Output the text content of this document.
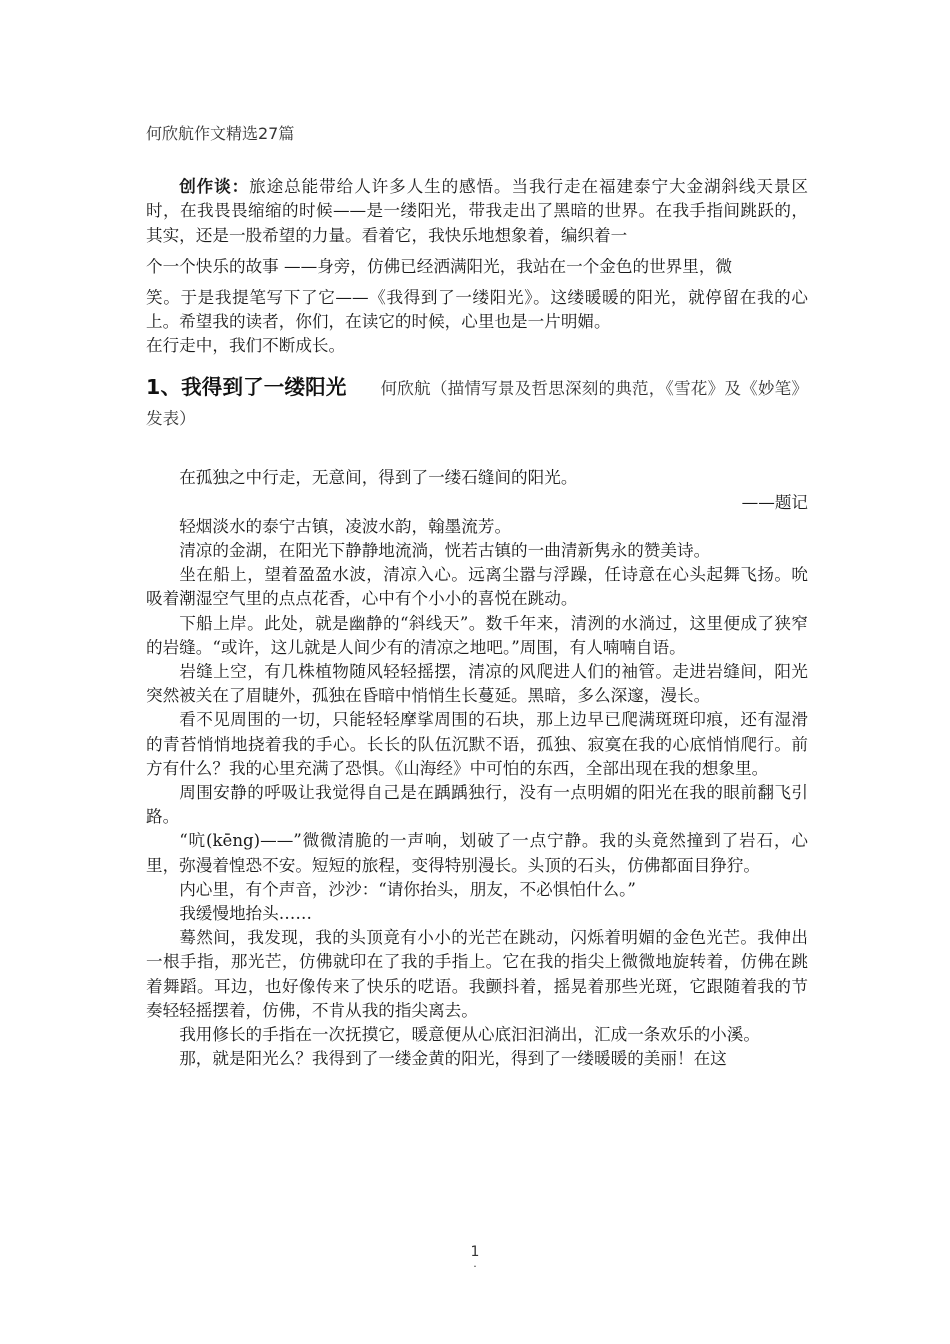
何欣航作文精选27篇

创作谈：旅途总能带给人许多人生的感悟。当我行走在福建泰宁大金湖斜线天景区时，在我畏畏缩缩的时候——是一缕阳光，带我走出了黑暗的世界。在我手指间跳跃的，其实，还是一股希望的力量。看着它，我快乐地想象着，编织着一

个一个快乐的故事 ——身旁，仿佛已经洒满阳光，我站在一个金色的世界里，微

笑。于是我提笔写下了它——《我得到了一缕阳光》。这缕暖暖的阳光，就停留在我的心上。希望我的读者，你们，在读它的时候，心里也是一片明媚。

在行走中，我们不断成长。

1、我得到了一缕阳光 何欣航（描情写景及哲思深刻的典范，《雪花》及《妙笔》发表）

在孤独之中行走，无意间，得到了一缕石缝间的阳光。

——题记

轻烟淡水的泰宁古镇，凌波水韵，翰墨流芳。

清凉的金湖，在阳光下静静地流淌，恍若古镇的一曲清新隽永的赞美诗。

坐在船上，望着盈盈水波，清凉入心。远离尘嚣与浮躁，任诗意在心头起舞飞扬。吮吸着潮湿空气里的点点花香，心中有个小小的喜悦在跳动。

下船上岸。此处，就是幽静的“斜线天”。数千年来，清洌的水淌过，这里便成了狭窄的岩缝。“或许，这儿就是人间少有的清凉之地吧。”周围，有人喃喃自语。

岩缝上空，有几株植物随风轻轻摇摆，清凉的风爬进人们的袖管。走进岩缝间，阳光突然被关在了眉睫外，孤独在昏暗中悄悄生长蔓延。黑暗，多么深邃，漫长。

看不见周围的一切，只能轻轻摩挲周围的石块，那上边早已爬满斑斑印痕，还有湿滑的青苔悄悄地挠着我的手心。长长的队伍沉默不语，孤独、寂寞在我的心底悄悄爬行。前方有什么？我的心里充满了恐惧。《山海经》中可怕的东西，全部出现在我的想象里。

周围安静的呼吸让我觉得自己是在踽踽独行，没有一点明媚的阳光在我的眼前翻飞引路。

“吭(kēng)——”微微清脆的一声响，划破了一点宁静。我的头竟然撞到了岩石，心里，弥漫着惶恐不安。短短的旅程，变得特别漫长。头顶的石头，仿佛都面目狰狞。

内心里，有个声音，沙沙：“请你抬头，朋友，不必惧怕什么。”

我缓慢地抬头……

蓦然间，我发现，我的头顶竟有小小的光芒在跳动，闪烁着明媚的金色光芒。我伸出一根手指，那光芒，仿佛就印在了我的手指上。它在我的指尖上微微地旋转着，仿佛在跳着舞蹈。耳边，也好像传来了快乐的呓语。我颤抖着，摇晃着那些光斑，它跟随着我的节奏轻轻摇摆着，仿佛，不肯从我的指尖离去。

我用修长的手指在一次抚摸它，暖意便从心底汩汩淌出，汇成一条欢乐的小溪。

那，就是阳光么？我得到了一缕金黄的阳光，得到了一缕暖暖的美丽！在这

1
.
